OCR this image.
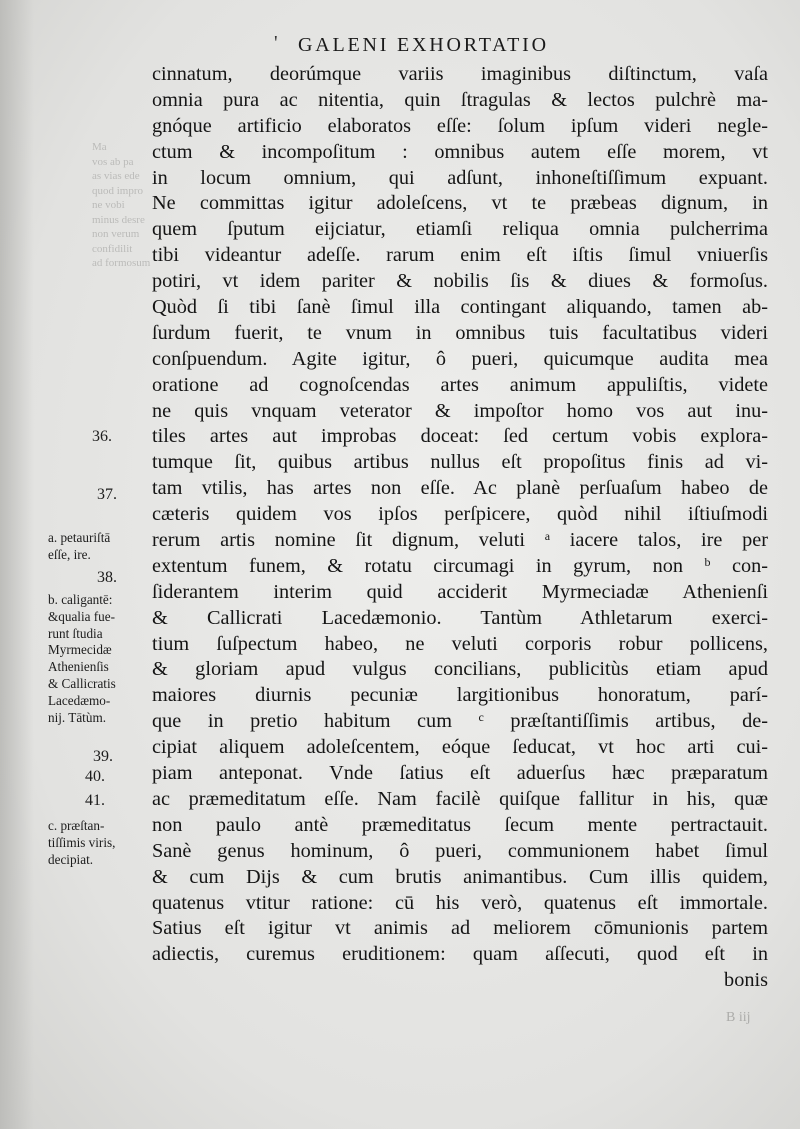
Ma
vos ab pa
as vias ede
quod impro
ne vobi
minus desre
non verum
confidilit
ad formosum
' GALENI EXHORTATIO
cinnatum, deorúmque variis imaginibus diſtinctum, vaſa
omnia pura ac nitentia, quin ſtragulas & lectos pulchrè ma-
gnóque artificio elaboratos eſſe: ſolum ipſum videri negle-
ctum & incompoſitum : omnibus autem eſſe morem, vt
in locum omnium, qui adſunt, inhoneſtiſſimum expuant.
Ne committas igitur adoleſcens, vt te præbeas dignum, in
quem ſputum eijciatur, etiamſi reliqua omnia pulcherrima
tibi videantur adeſſe. rarum enim eſt iſtis ſimul vniuerſis
potiri, vt idem pariter & nobilis ſis & diues & formoſus.
Quòd ſi tibi ſanè ſimul illa contingant aliquando, tamen ab-
ſurdum fuerit, te vnum in omnibus tuis facultatibus videri
conſpuendum. Agite igitur, ô pueri, quicumque audita mea
oratione ad cognoſcendas artes animum appuliſtis, videte
ne quis vnquam veterator & impoſtor homo vos aut inu-
tiles artes aut improbas doceat: ſed certum vobis explora-
tumque ſit, quibus artibus nullus eſt propoſitus finis ad vi-
tam vtilis, has artes non eſſe. Ac planè perſuaſum habeo de
cæteris quidem vos ipſos perſpicere, quòd nihil iſtiuſmodi
rerum artis nomine ſit dignum, veluti $^a$ iacere talos, ire per
extentum funem, & rotatu circumagi in gyrum, non $^b$ con-
ſiderantem interim quid acciderit Myrmeciadæ Athenienſi
& Callicrati Lacedæmonio. Tantùm Athletarum exerci-
tium ſuſpectum habeo, ne veluti corporis robur pollicens,
& gloriam apud vulgus concilians, publicitùs etiam apud
maiores diurnis pecuniæ largitionibus honoratum, parí-
que in pretio habitum cum $^c$ præſtantiſſimis artibus, de-
cipiat aliquem adoleſcentem, eóque ſeducat, vt hoc arti cui-
piam anteponat. Vnde ſatius eſt aduerſus hæc præparatum
ac præmeditatum eſſe. Nam facilè quiſque fallitur in his, quæ
non paulo antè præmeditatus ſecum mente pertractauit.
Sanè genus hominum, ô pueri, communionem habet ſimul
& cum Dijs & cum brutis animantibus. Cum illis quidem,
quatenus vtitur ratione: cū his verò, quatenus eſt immortale.
Satius eſt igitur vt animis ad meliorem cōmunionis partem
adiectis, curemus eruditionem: quam aſſecuti, quod eſt in
bonis
36.
37.
38.
39.
40.
41.
a. petauriſtā
eſſe, ire.
b. caligantē:
&qualia fue-
runt ſtudia
Myrmecidæ
Athenienſis
& Callicratis
Lacedæmo-
nij. Tātùm.
c. præſtan-
tiſſimis viris,
decipiat.
B iij
